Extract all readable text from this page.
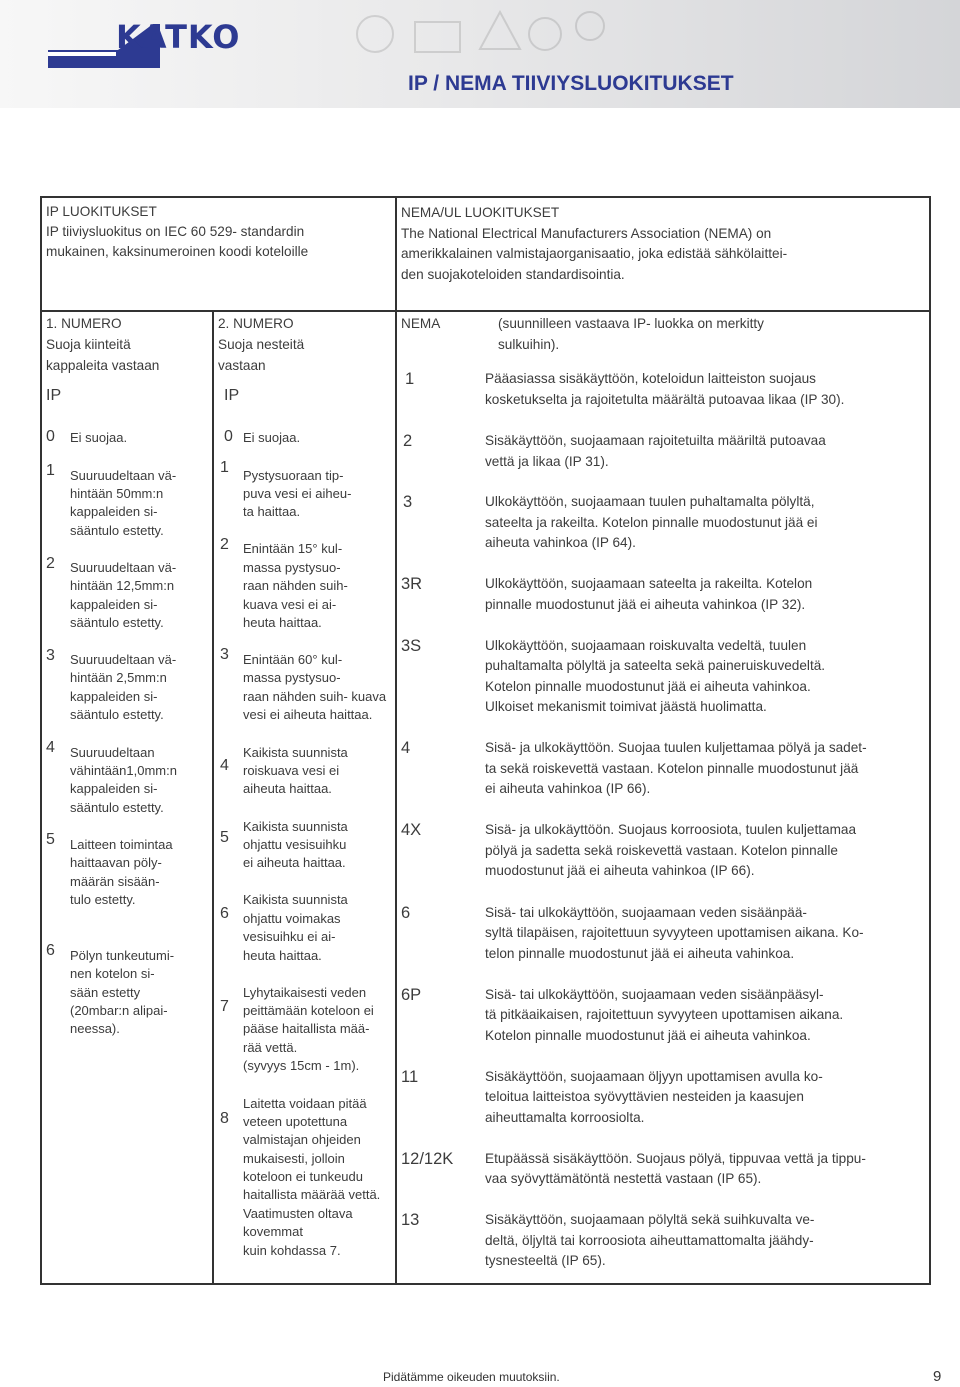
KATKO
IP / NEMA TIIVIYSLUOKITUKSET
IP LUOKITUKSET
IP tiiviysluokitus on IEC 60 529- standardin
mukainen, kaksinumeroinen koodi koteloille
NEMA/UL LUOKITUKSET
The National Electrical Manufacturers Association (NEMA) on
amerikkalainen valmistajaorganisaatio, joka edistää sähkölaittei-
den suojakoteloiden standardisointia.
1. NUMERO
Suoja kiinteitä
kappaleita vastaan
IP
2. NUMERO
Suoja nesteitä
vastaan
IP
NEMA	(suunnilleen vastaava IP- luokka on merkitty
sulkuihin).
0 Ei suojaa.
1 Suuruudeltaan vä-
hintään 50mm:n
kappaleiden si-
sääntulo estetty.
2 Suuruudeltaan vä-
hintään 12,5mm:n
kappaleiden si-
sääntulo estetty.
3 Suuruudeltaan vä-
hintään 2,5mm:n
kappaleiden si-
sääntulo estetty.
4 Suuruudeltaan
vähintään1,0mm:n
kappaleiden si-
sääntulo estetty.
5 Laitteen toimintaa
haittaavan pöly-
määrän sisään-
tulo estetty.
6 Pölyn tunkeutumi-
nen kotelon si-
sään estetty
(20mbar:n alipai-
neessa).
0 Ei suojaa.
1 Pystysuoraan tip-
puva vesi ei aiheu-
ta haittaa.
2 Enintään 15° kul-
massa pystysuo-
raan nähden suih-
kuava vesi ei ai-
heuta haittaa.
3 Enintään 60° kul-
massa pystysuo-
raan nähden suih- kuava
vesi ei aiheuta haittaa.
4
Kaikista suunnista
roiskuava vesi ei
aiheuta haittaa.
5
Kaikista suunnista
ohjattu vesisuihku
ei aiheuta haittaa.
6
Kaikista suunnista
ohjattu voimakas
vesisuihku ei ai-
heuta haittaa.
7
Lyhytaikaisesti veden
peittämään koteloon ei
pääse haitallista mää-
rää vettä.
(syvyys 15cm - 1m).
8
Laitetta voidaan pitää
veteen upotettuna
valmistajan ohjeiden
mukaisesti, jolloin
koteloon ei tunkeudu
haitallista määrää vettä.
Vaatimusten oltava
kovemmat
kuin kohdassa 7.
1	Pääasiassa sisäkäyttöön, koteloidun laitteiston suojaus
kosketukselta ja rajoitetulta määrältä putoavaa likaa (IP 30).
2	Sisäkäyttöön, suojaamaan rajoitetuilta määriltä putoavaa
vettä ja likaa (IP 31).
3	Ulkokäyttöön, suojaamaan tuulen puhaltamalta pölyltä,
sateelta ja rakeilta. Kotelon pinnalle muodostunut jää ei
aiheuta vahinkoa (IP 64).
3R	Ulkokäyttöön, suojaamaan sateelta ja rakeilta. Kotelon
pinnalle muodostunut jää ei aiheuta vahinkoa (IP 32).
3S	Ulkokäyttöön, suojaamaan roiskuvalta vedeltä, tuulen
puhaltamalta pölyltä ja sateelta sekä paineruiskuvedeltä.
Kotelon pinnalle muodostunut jää ei aiheuta vahinkoa.
Ulkoiset mekanismit toimivat jäästä huolimatta.
4	Sisä- ja ulkokäyttöön. Suojaa tuulen kuljettamaa pölyä ja sadet-
ta sekä roiskevettä vastaan. Kotelon pinnalle muodostunut jää
ei aiheuta vahinkoa (IP 66).
4X	Sisä- ja ulkokäyttöön. Suojaus korroosiota, tuulen kuljettamaa
pölyä ja sadetta sekä roiskevettä vastaan. Kotelon pinnalle
muodostunut jää ei aiheuta vahinkoa (IP 66).
6	Sisä- tai ulkokäyttöön, suojaamaan veden sisäänpää-
syltä tilapäisen, rajoitettuun syvyyteen upottamisen aikana. Ko-
telon pinnalle muodostunut jää ei aiheuta vahinkoa.
6P	Sisä- tai ulkokäyttöön, suojaamaan veden sisäänpääsyl-
tä pitkäaikaisen, rajoitettuun syvyyteen upottamisen aikana.
Kotelon pinnalle muodostunut jää ei aiheuta vahinkoa.
11	Sisäkäyttöön, suojaamaan öljyyn upottamisen avulla ko-
teloitua laitteistoa syövyttävien nesteiden ja kaasujen
aiheuttamalta korroosiolta.
12/12K Etupäässä sisäkäyttöön. Suojaus pölyä, tippuvaa vettä ja tippu-
vaa syövyttämätöntä nestettä vastaan (IP 65).
13	Sisäkäyttöön, suojaamaan pölyltä sekä suihkuvalta ve-
deltä, öljyltä tai korroosiota aiheuttamattomalta jäähdy-
tysnesteeltä (IP 65).
Pidätämme oikeuden muutoksiin.	9
